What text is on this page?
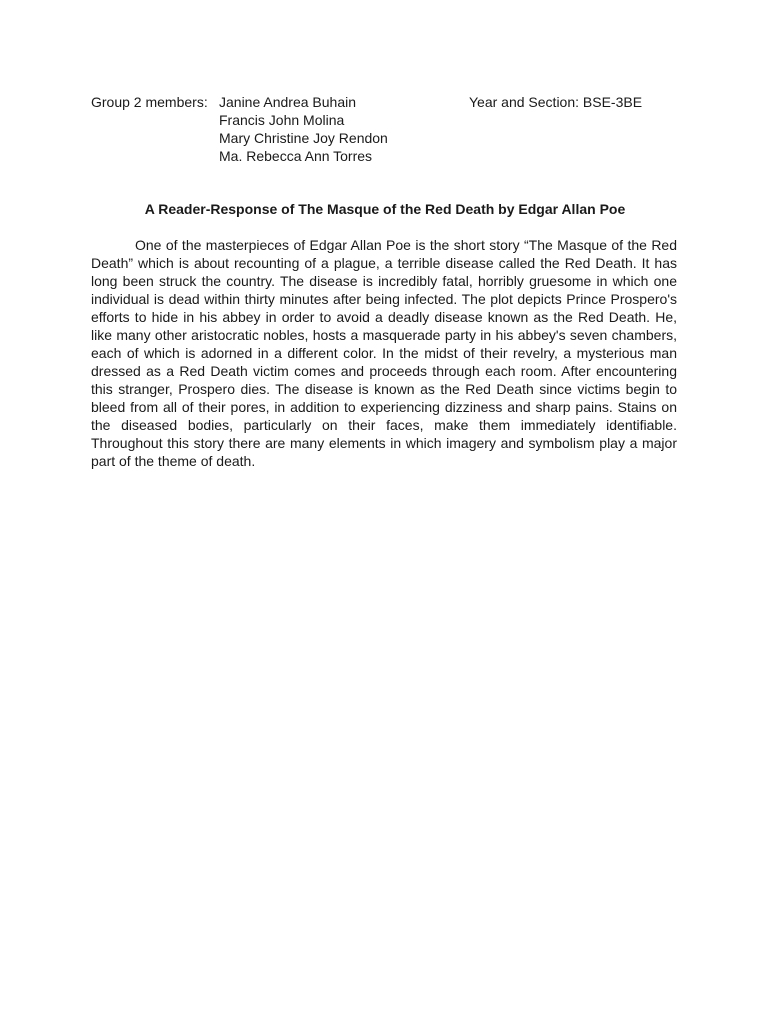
Group 2 members: Janine Andrea Buhain
Francis John Molina
Mary Christine Joy Rendon
Ma. Rebecca Ann Torres
Year and Section: BSE-3BE
A Reader-Response of The Masque of the Red Death by Edgar Allan Poe

One of the masterpieces of Edgar Allan Poe is the short story “The Masque of the Red Death” which is about recounting of a plague, a terrible disease called the Red Death. It has long been struck the country. The disease is incredibly fatal, horribly gruesome in which one individual is dead within thirty minutes after being infected. The plot depicts Prince Prospero's efforts to hide in his abbey in order to avoid a deadly disease known as the Red Death. He, like many other aristocratic nobles, hosts a masquerade party in his abbey's seven chambers, each of which is adorned in a different color. In the midst of their revelry, a mysterious man dressed as a Red Death victim comes and proceeds through each room. After encountering this stranger, Prospero dies. The disease is known as the Red Death since victims begin to bleed from all of their pores, in addition to experiencing dizziness and sharp pains. Stains on the diseased bodies, particularly on their faces, make them immediately identifiable. Throughout this story there are many elements in which imagery and symbolism play a major part of the theme of death.
